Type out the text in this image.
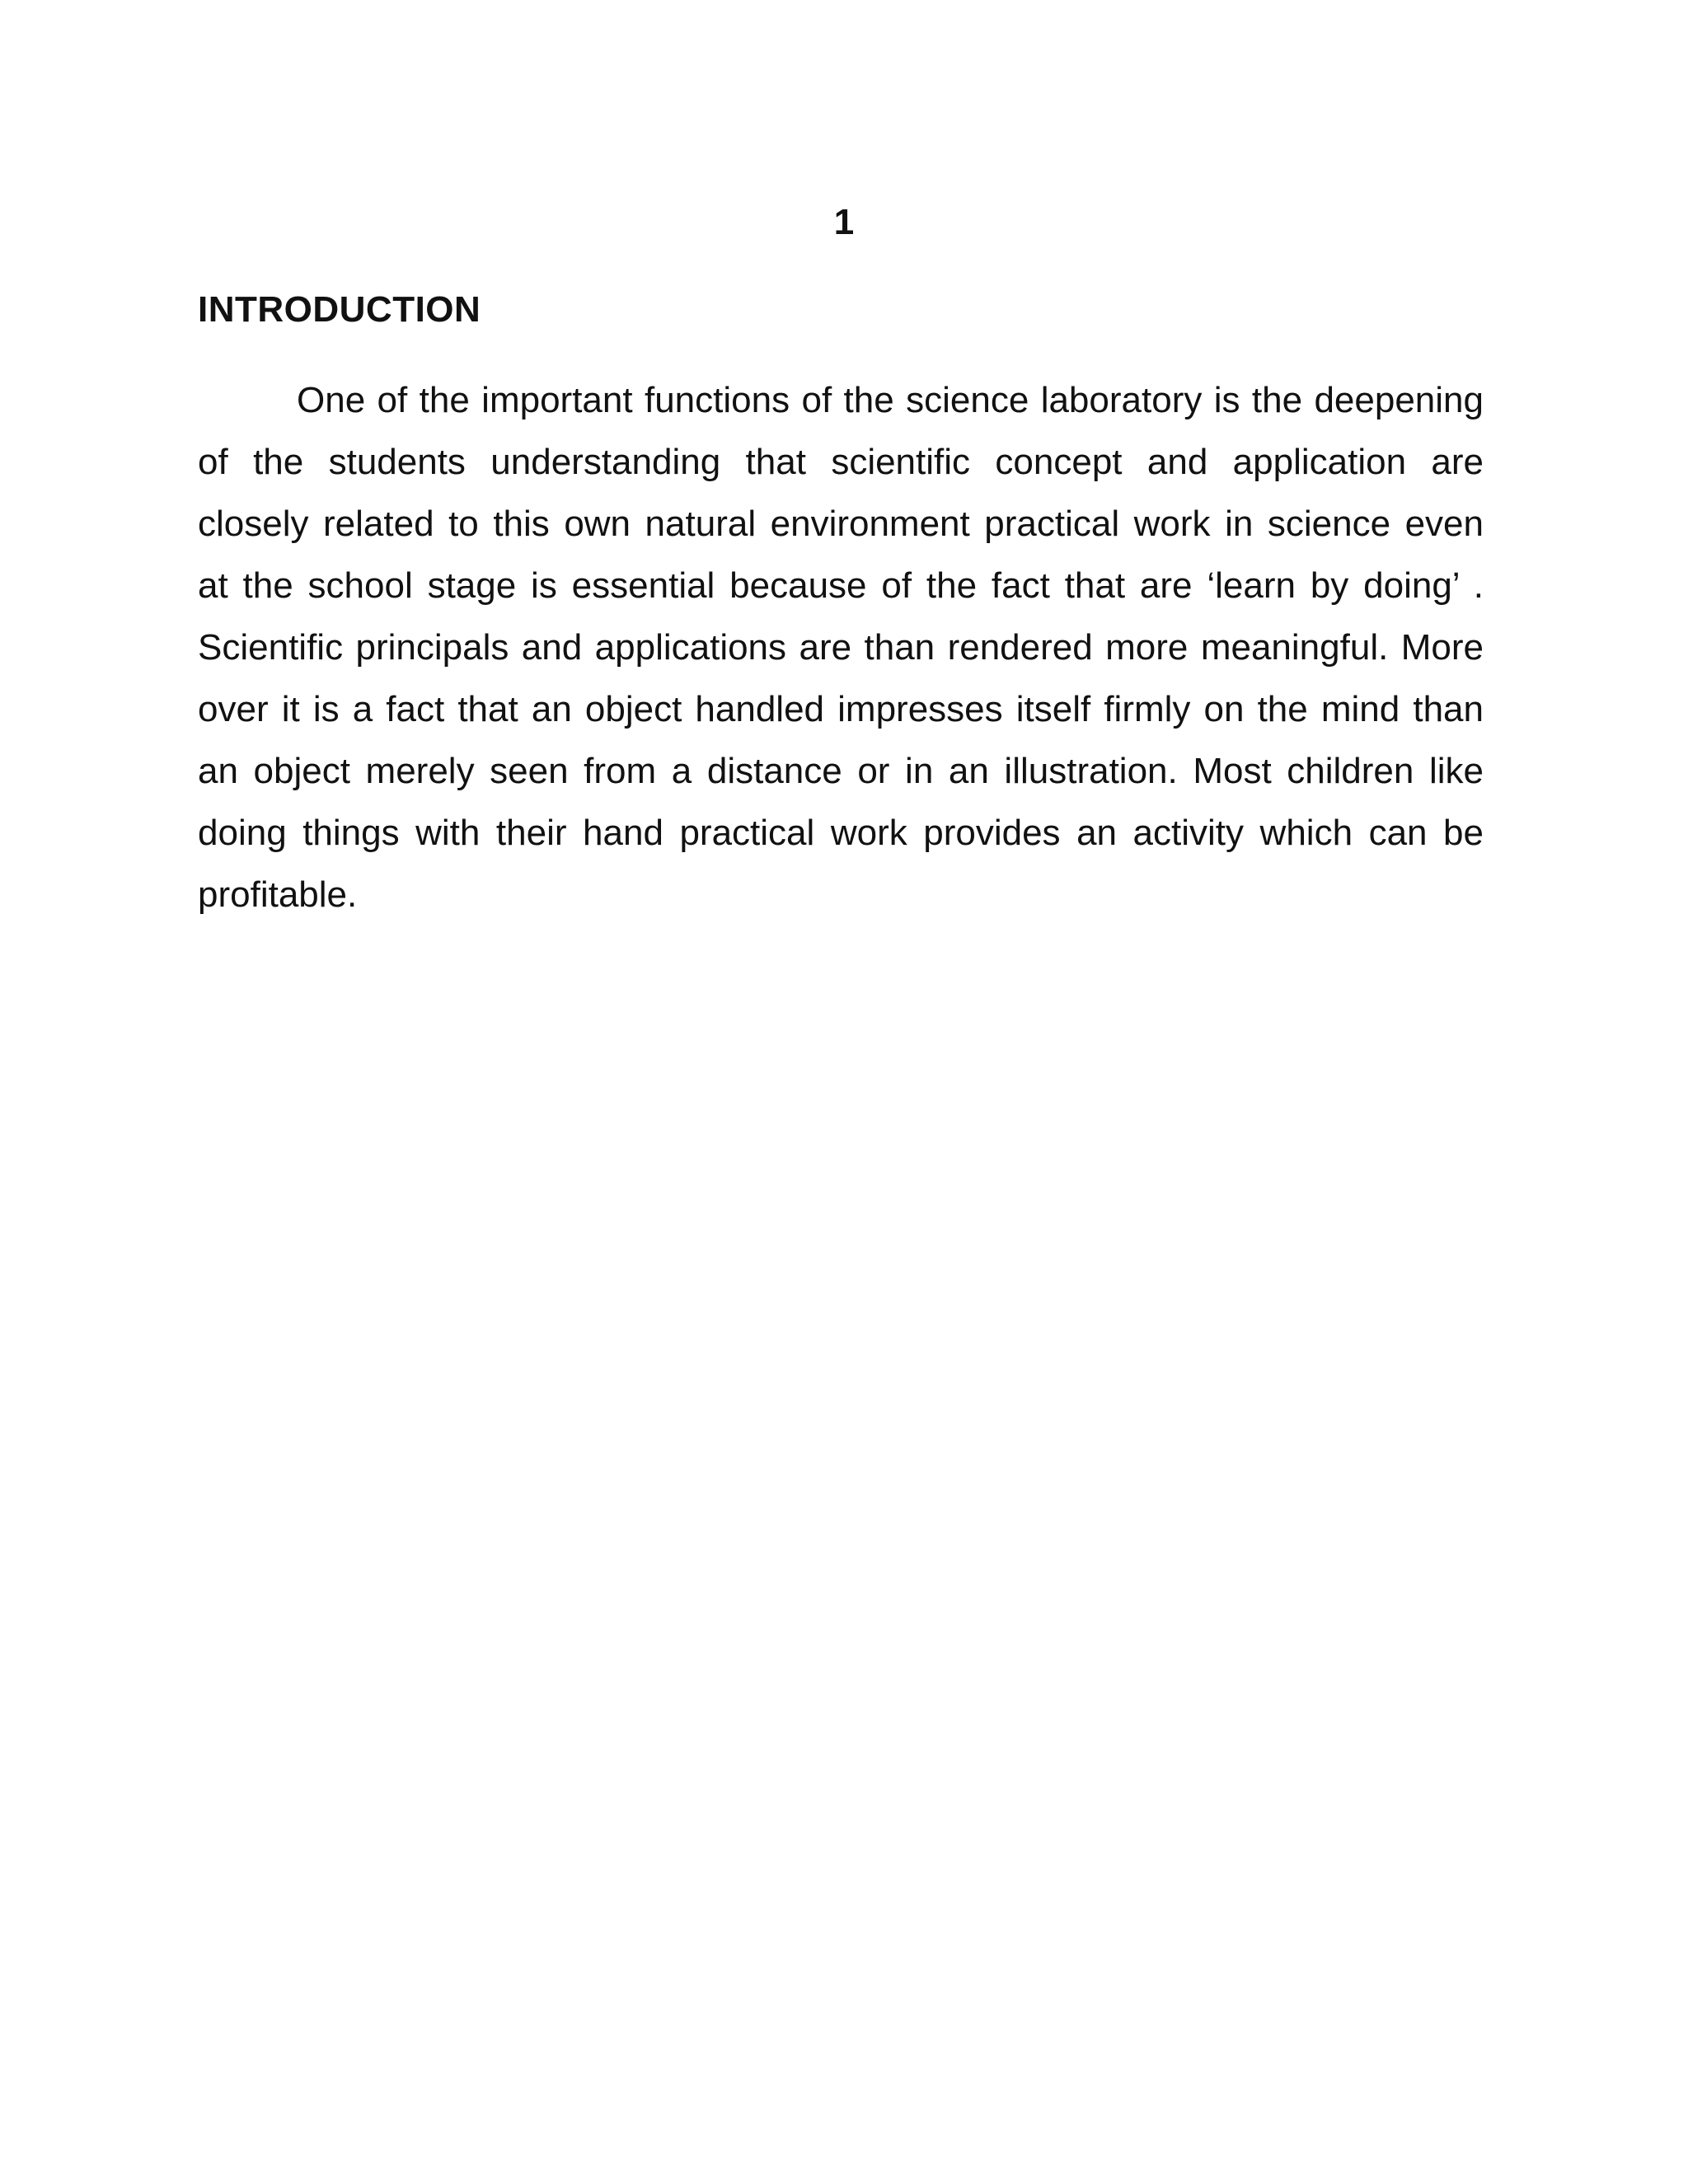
1
INTRODUCTION

One of the important functions of the science laboratory is the deepening of the students understanding that scientific concept and application are closely related to this own natural environment practical work in science even at the school stage is essential because of the fact that are ‘learn by doing’ . Scientific principals and applications are than rendered more meaningful. More over it is a fact that an object handled impresses itself firmly on the mind than an object merely seen from a distance or in an illustration. Most children like doing things with their hand practical work provides an activity which can be profitable.
